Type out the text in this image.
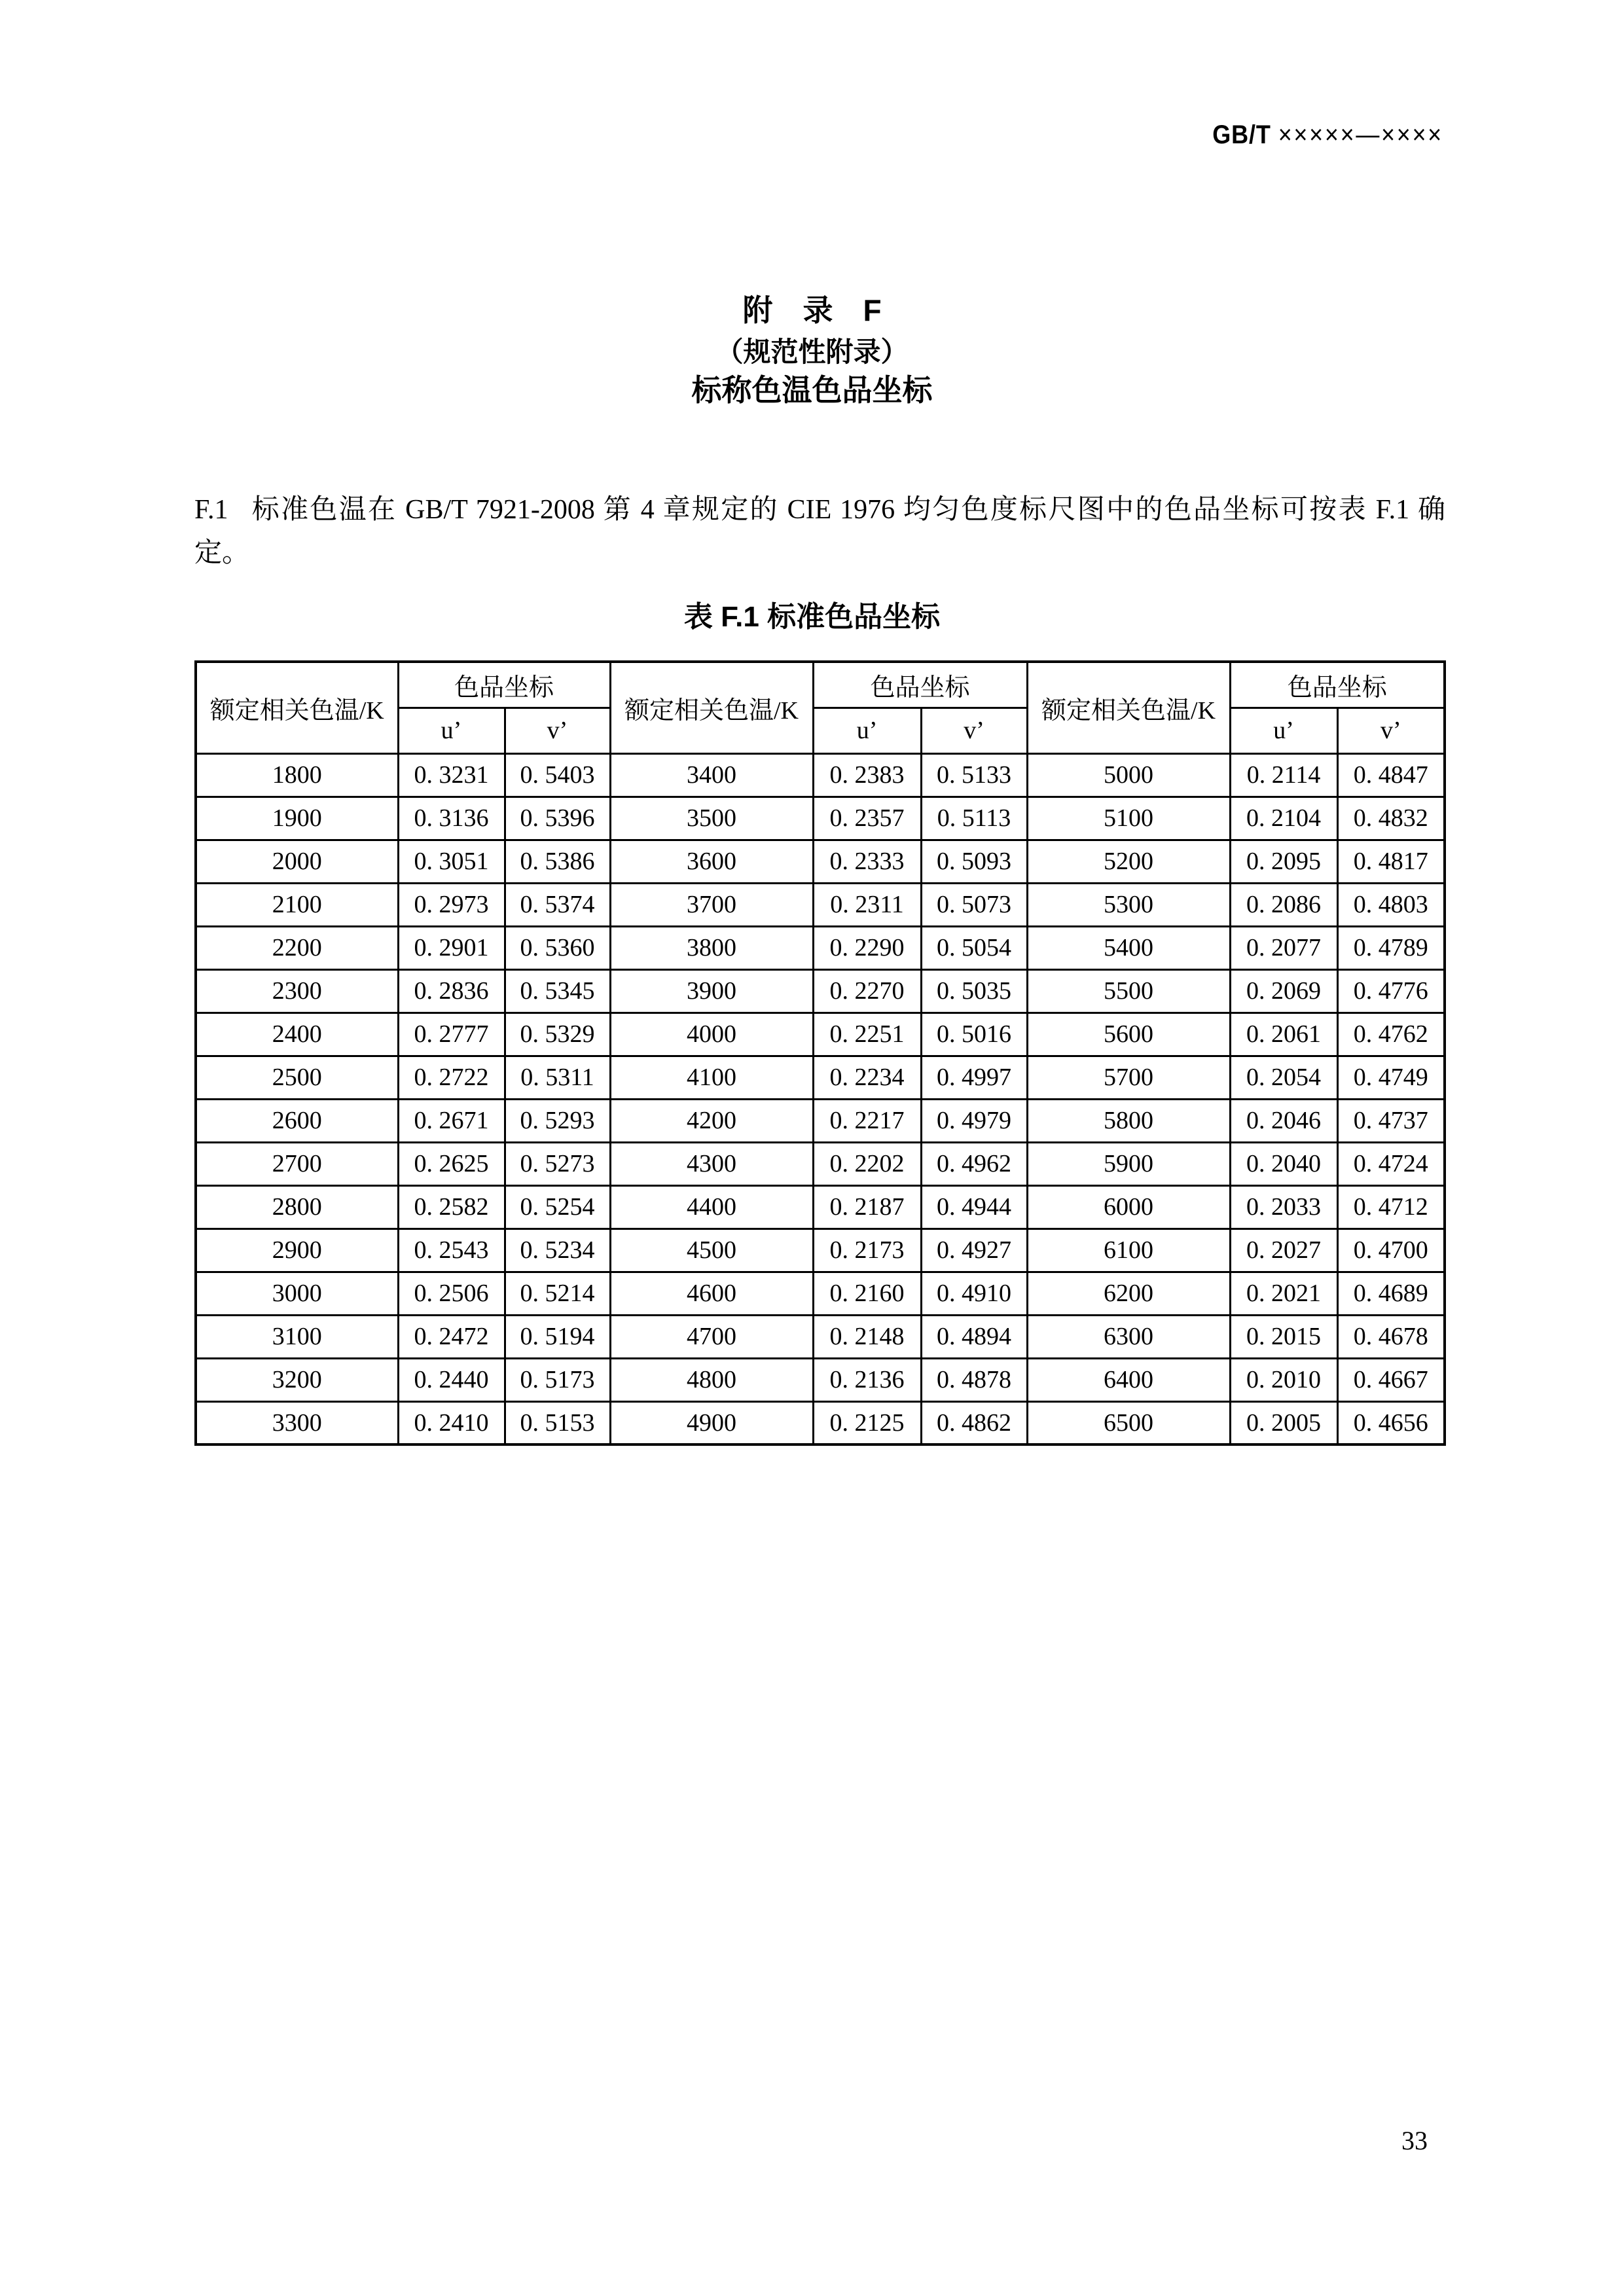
GB/T ×××××—××××
附　录　F
（规范性附录）
标称色温色品坐标
F.1 标准色温在 GB/T 7921-2008 第 4 章规定的 CIE 1976 均匀色度标尺图中的色品坐标可按表 F.1 确
定。
表 F.1 标准色品坐标
额定相关色温/K	色品坐标		额定相关色温/K	色品坐标		额定相关色温/K	色品坐标	
	u’	v’		u’	v’		u’	v’
1800	0. 3231	0. 5403	3400	0. 2383	0. 5133	5000	0. 2114	0. 4847
1900	0. 3136	0. 5396	3500	0. 2357	0. 5113	5100	0. 2104	0. 4832
2000	0. 3051	0. 5386	3600	0. 2333	0. 5093	5200	0. 2095	0. 4817
2100	0. 2973	0. 5374	3700	0. 2311	0. 5073	5300	0. 2086	0. 4803
2200	0. 2901	0. 5360	3800	0. 2290	0. 5054	5400	0. 2077	0. 4789
2300	0. 2836	0. 5345	3900	0. 2270	0. 5035	5500	0. 2069	0. 4776
2400	0. 2777	0. 5329	4000	0. 2251	0. 5016	5600	0. 2061	0. 4762
2500	0. 2722	0. 5311	4100	0. 2234	0. 4997	5700	0. 2054	0. 4749
2600	0. 2671	0. 5293	4200	0. 2217	0. 4979	5800	0. 2046	0. 4737
2700	0. 2625	0. 5273	4300	0. 2202	0. 4962	5900	0. 2040	0. 4724
2800	0. 2582	0. 5254	4400	0. 2187	0. 4944	6000	0. 2033	0. 4712
2900	0. 2543	0. 5234	4500	0. 2173	0. 4927	6100	0. 2027	0. 4700
3000	0. 2506	0. 5214	4600	0. 2160	0. 4910	6200	0. 2021	0. 4689
3100	0. 2472	0. 5194	4700	0. 2148	0. 4894	6300	0. 2015	0. 4678
3200	0. 2440	0. 5173	4800	0. 2136	0. 4878	6400	0. 2010	0. 4667
3300	0. 2410	0. 5153	4900	0. 2125	0. 4862	6500	0. 2005	0. 4656
33
